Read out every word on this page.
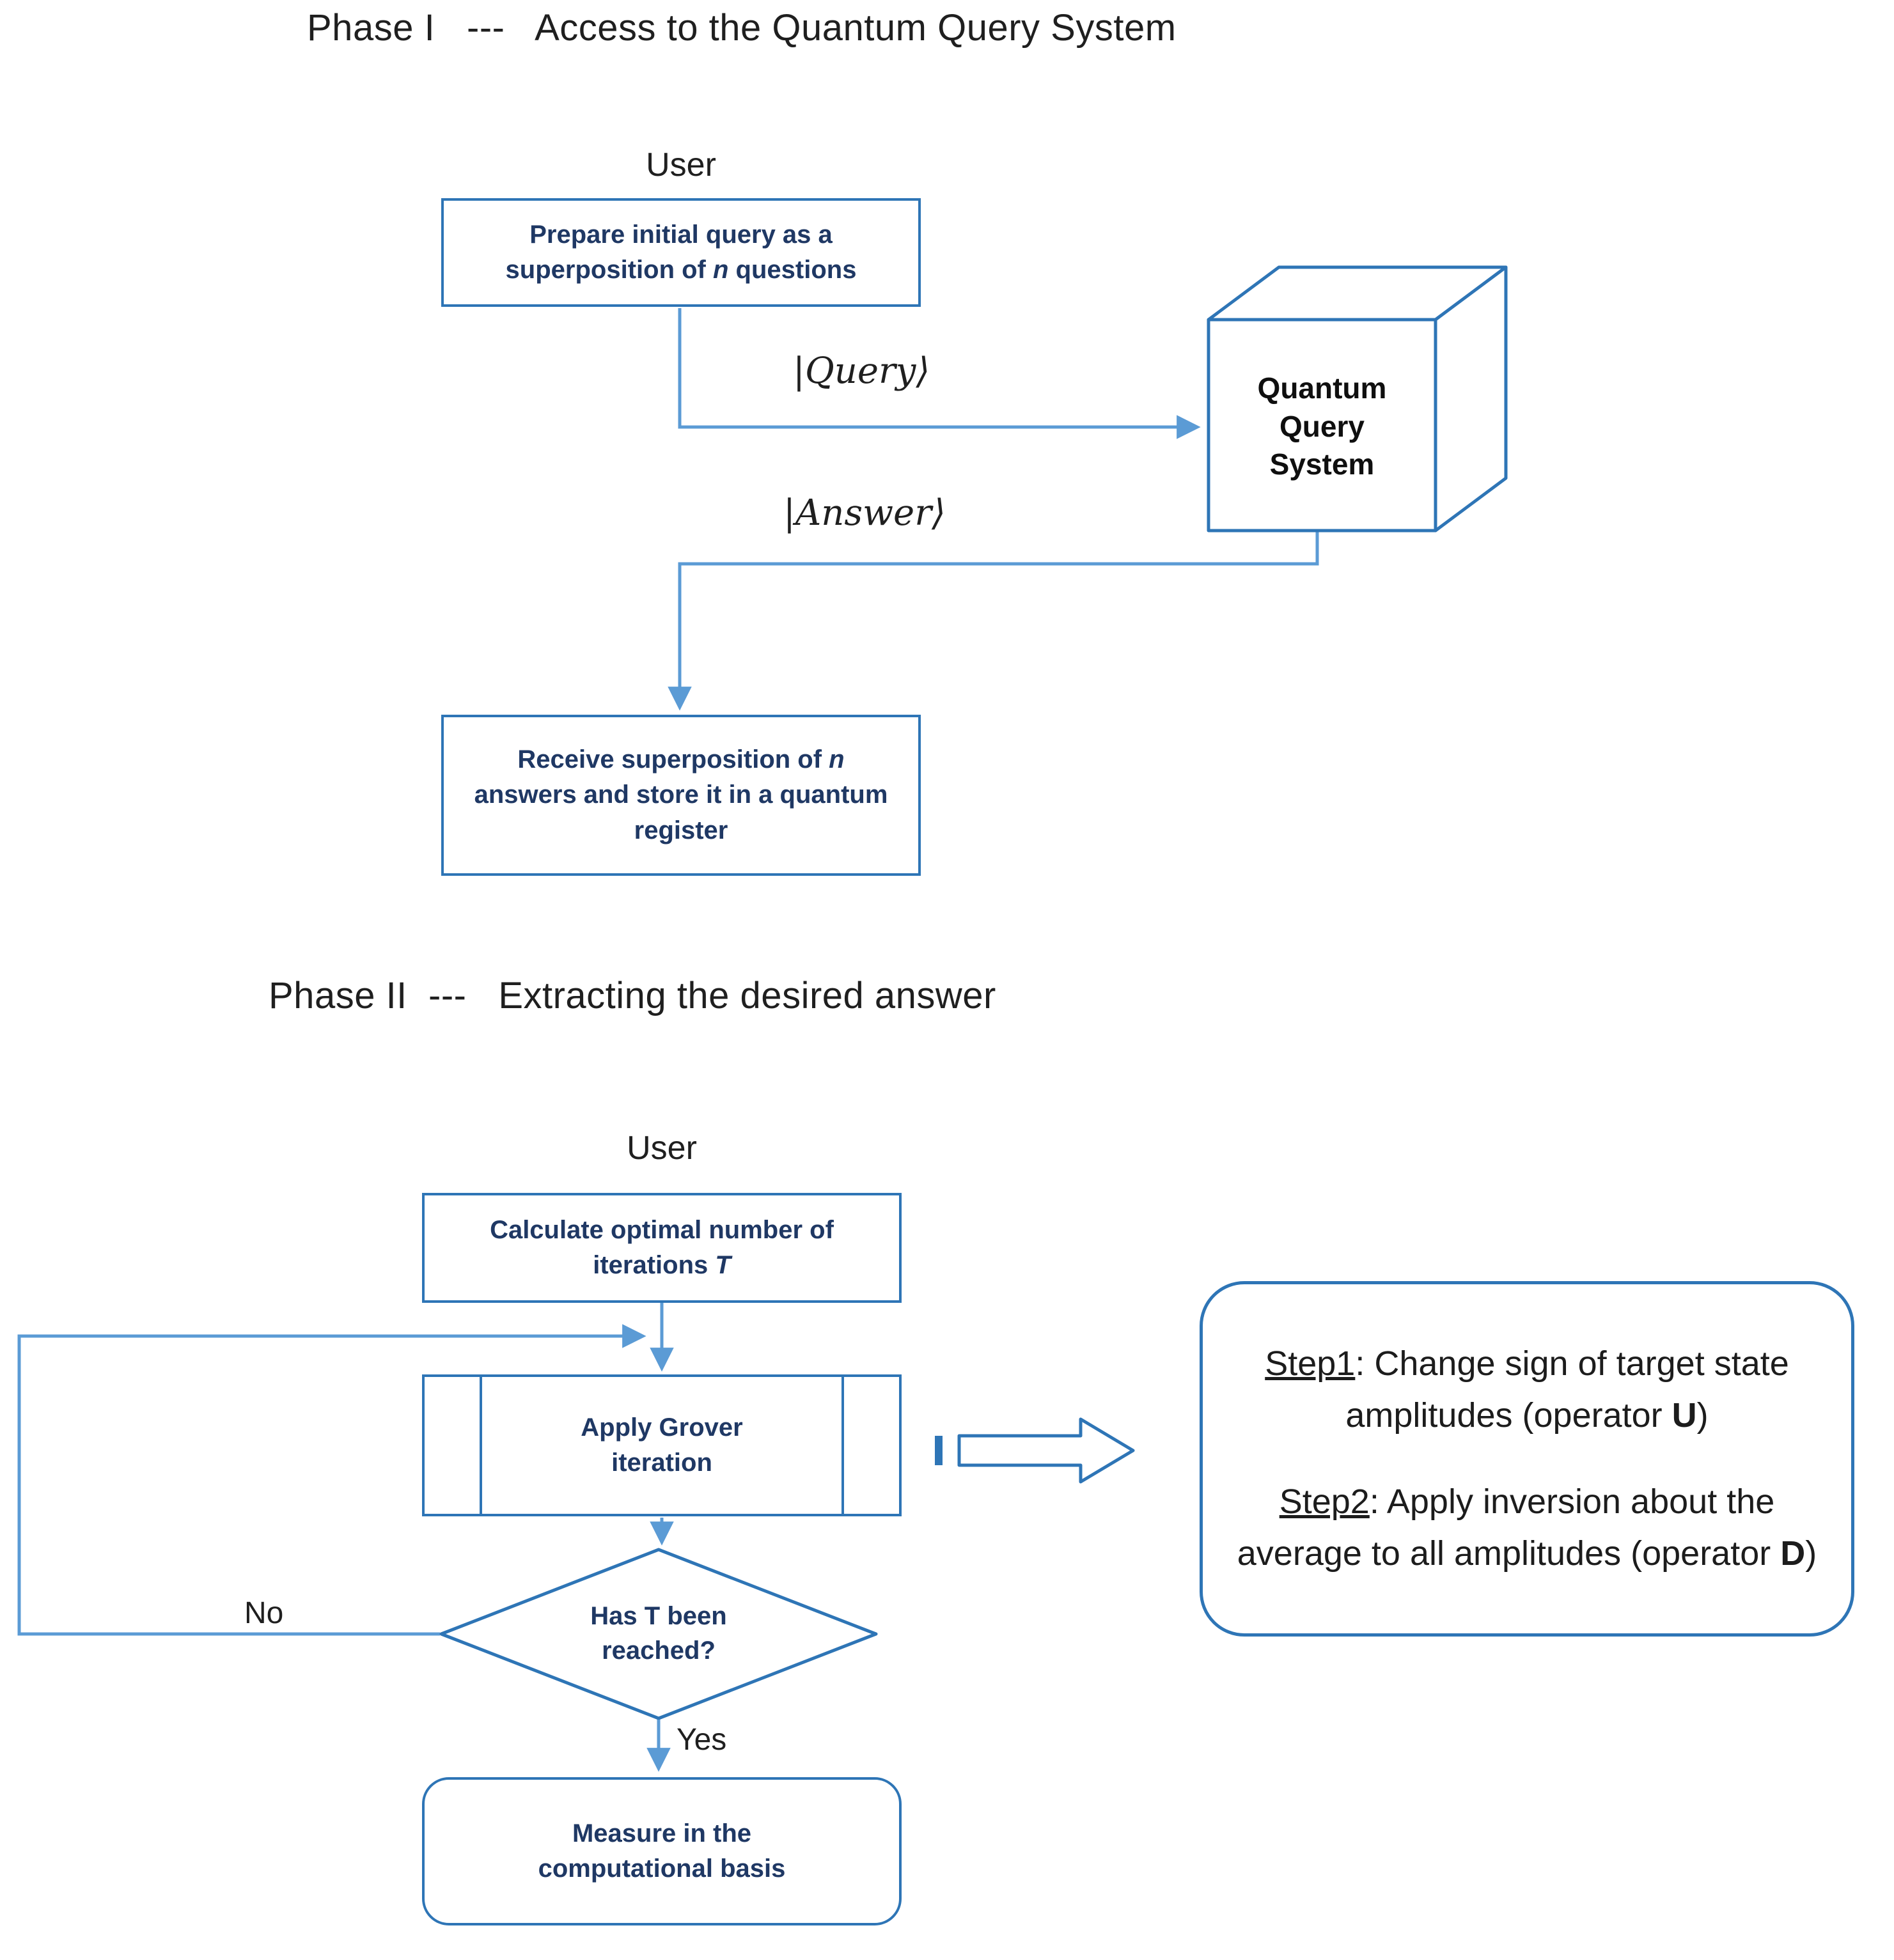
Phase I   ---   Access to the Quantum Query System
User
Prepare initial query as a superposition of n questions
|Query⟩	Quantum
Query
System
|Answer⟩
Receive superposition of n answers and store it in a quantum register
Phase II  ---   Extracting the desired answer
User
Calculate optimal number of iterations T
Apply Grover iteration
Has T been reached?
No
Yes
Measure in the computational basis
Step1: Change sign of target state amplitudes (operator U)
Step2: Apply inversion about the average to all amplitudes (operator D)
